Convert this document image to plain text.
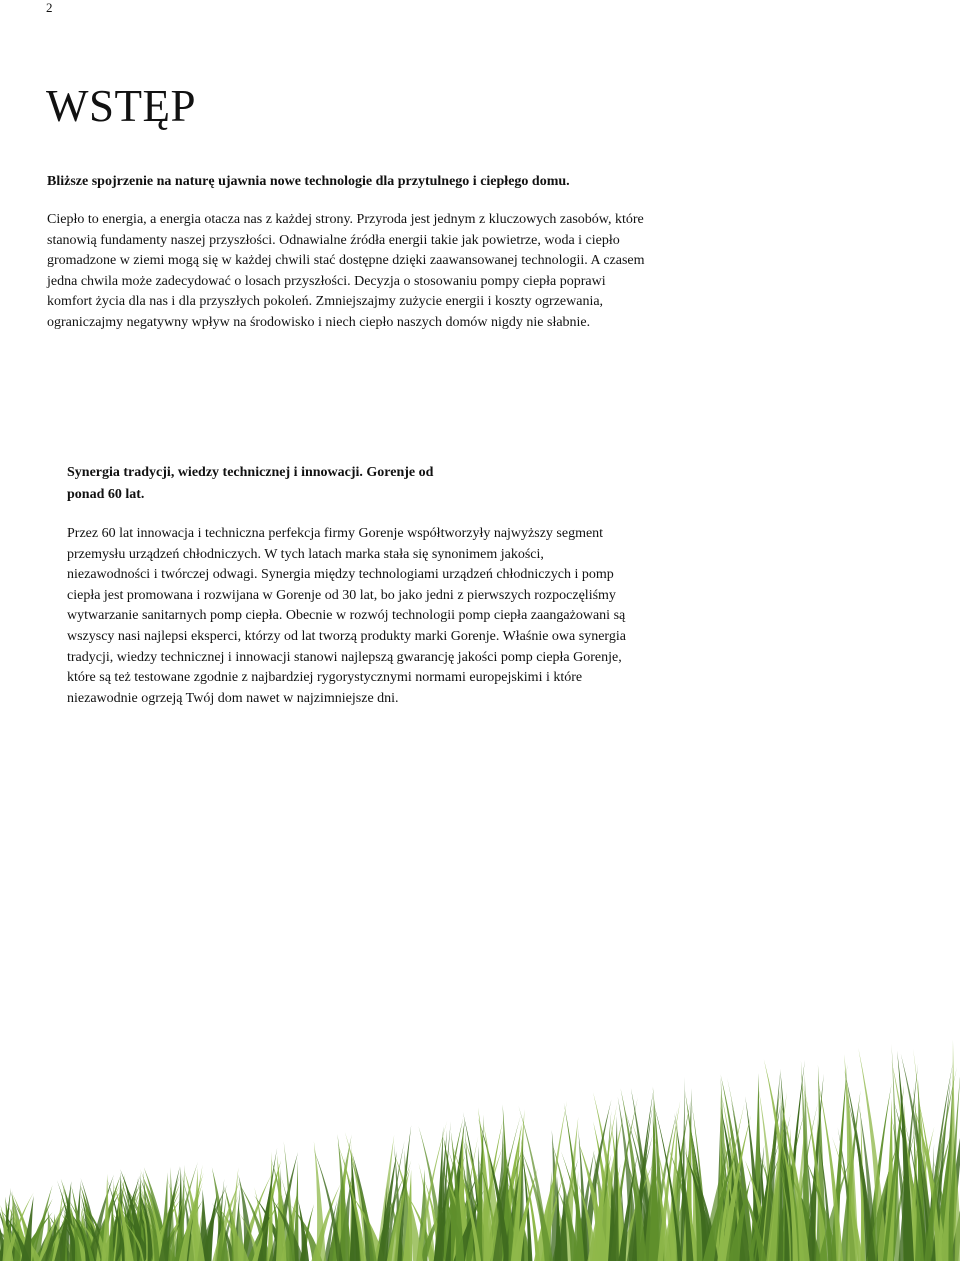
2
WSTĘP

Bliższe spojrzenie na naturę ujawnia nowe technologie dla przytulnego i ciepłego domu.

Ciepło to energia, a energia otacza nas z każdej strony. Przyroda jest jednym z kluczowych zasobów, które stanowią fundamenty naszej przyszłości. Odnawialne źródła energii takie jak powietrze, woda i ciepło gromadzone w ziemi mogą się w każdej chwili stać dostępne dzięki zaawansowanej technologii. A czasem jedna chwila może zadecydować o losach przyszłości. Decyzja o stosowaniu pompy ciepła poprawi komfort życia dla nas i dla przyszłych pokoleń. Zmniejszajmy zużycie energii i koszty ogrzewania, ograniczajmy negatywny wpływ na środowisko i niech ciepło naszych domów nigdy nie słabnie.

Synergia tradycji, wiedzy technicznej i innowacji. Gorenje od ponad 60 lat.

Przez 60 lat innowacja i techniczna perfekcja firmy Gorenje współtworzyły najwyższy segment przemysłu urządzeń chłodniczych. W tych latach marka stała się synonimem jakości, niezawodności i twórczej odwagi. Synergia między technologiami urządzeń chłodniczych i pomp ciepła jest promowana i rozwijana w Gorenje od 30 lat, bo jako jedni z pierwszych rozpoczęliśmy wytwarzanie sanitarnych pomp ciepła. Obecnie w rozwój technologii pomp ciepła zaangażowani są wszyscy nasi najlepsi eksperci, którzy od lat tworzą produkty marki Gorenje. Właśnie owa synergia tradycji, wiedzy technicznej i innowacji stanowi najlepszą gwarancję jakości pomp ciepła Gorenje, które są też testowane zgodnie z najbardziej rygorystycznymi normami europejskimi i które niezawodnie ogrzeją Twój dom nawet w najzimniejsze dni.
